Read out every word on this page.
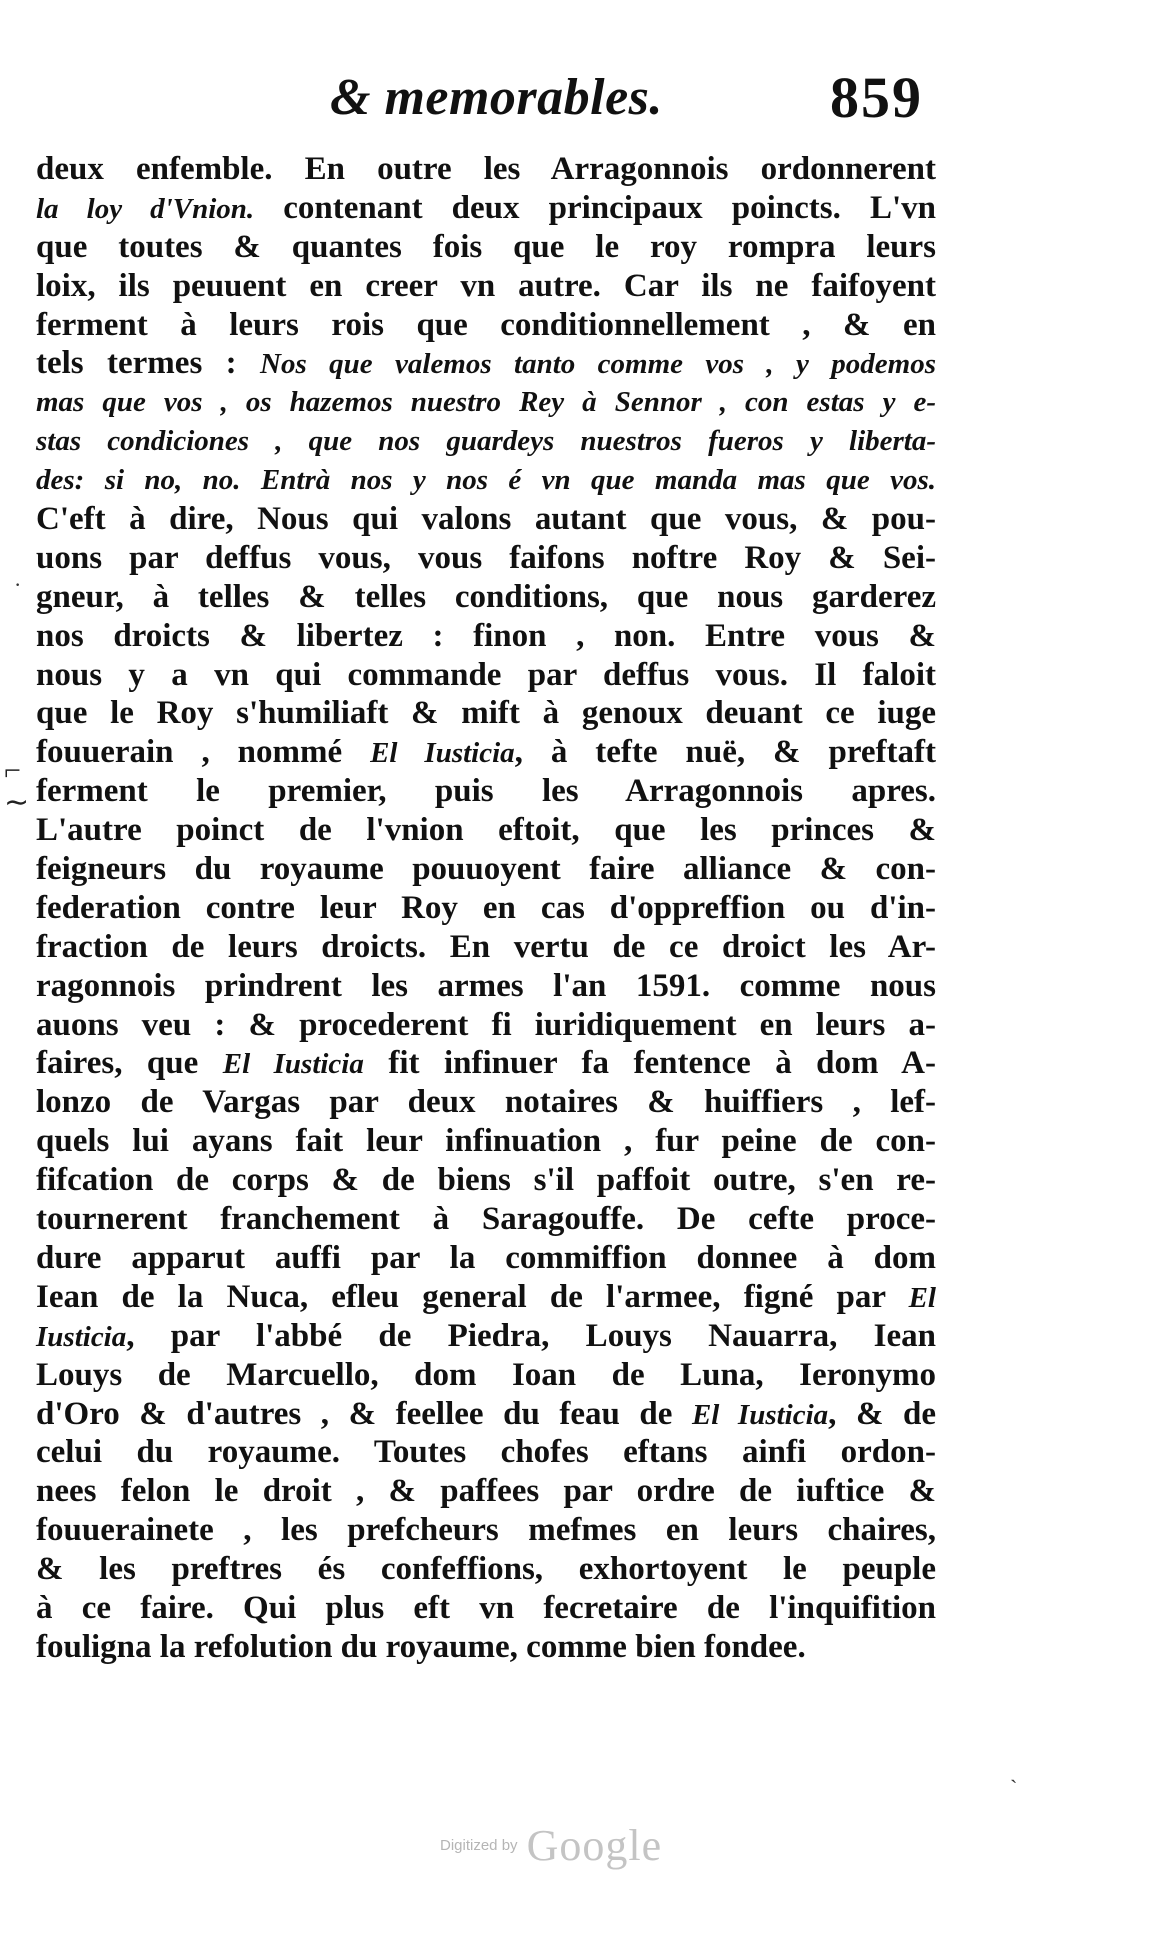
& memorables.	859
deux enfemble. En outre les Arragonnois ordonnerent
la loy d'Vnion. contenant deux principaux poincts. L'vn
que toutes & quantes fois que le roy rompra leurs
loix, ils peuuent en creer vn autre. Car ils ne faifoyent
ferment à leurs rois que conditionnellement , & en
tels termes : Nos que valemos tanto comme vos , y podemos
mas que vos , os hazemos nuestro Rey à Sennor , con estas y e-
stas condiciones , que nos guardeys nuestros fueros y liberta-
des: si no, no. Entrà nos y nos é vn que manda mas que vos.
C'eft à dire, Nous qui valons autant que vous, & pou-
uons par deffus vous, vous faifons noftre Roy & Sei-
gneur, à telles & telles conditions, que nous garderez
nos droicts & libertez : finon , non. Entre vous &
nous y a vn qui commande par deffus vous. Il faloit
que le Roy s'humiliaft & mift à genoux deuant ce iuge
fouuerain , nommé El Iusticia, à tefte nuë, & preftaft
ferment le premier, puis les Arragonnois apres.
L'autre poinct de l'vnion eftoit, que les princes &
feigneurs du royaume pouuoyent faire alliance & con-
federation contre leur Roy en cas d'oppreffion ou d'in-
fraction de leurs droicts. En vertu de ce droict les Ar-
ragonnois prindrent les armes l'an 1591. comme nous
auons veu : & procederent fi iuridiquement en leurs a-
faires, que El Iusticia fit infinuer fa fentence à dom A-
lonzo de Vargas par deux notaires & huiffiers , lef-
quels lui ayans fait leur infinuation , fur peine de con-
fifcation de corps & de biens s'il paffoit outre, s'en re-
tournerent franchement à Saragouffe. De cefte proce-
dure apparut auffi par la commiffion donnee à dom
Iean de la Nuca, efleu general de l'armee, figné par El
Iusticia, par l'abbé de Piedra, Louys Nauarra, Iean
Louys de Marcuello, dom Ioan de Luna, Ieronymo
d'Oro & d'autres , & feellee du feau de El Iusticia, & de
celui du royaume. Toutes chofes eftans ainfi ordon-
nees felon le droit , & paffees par ordre de iuftice &
fouuerainete , les prefcheurs mefmes en leurs chaires,
& les preftres és confeffions, exhortoyent le peuple
à ce faire. Qui plus eft vn fecretaire de l'inquifition
fouligna la refolution du royaume, comme bien fondee.
⌐
∼
·
ˎ
Digitized by Google
